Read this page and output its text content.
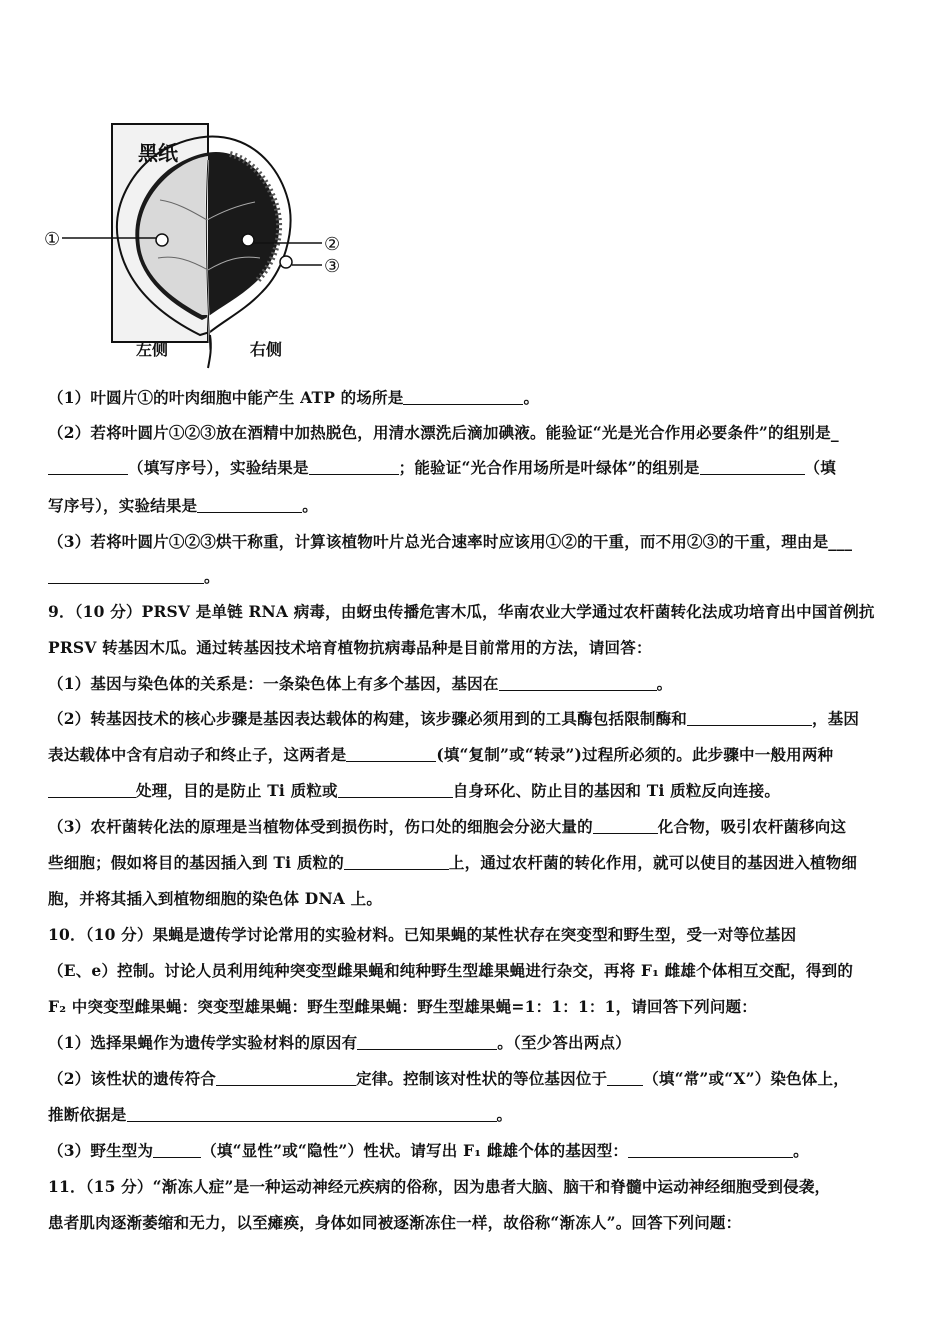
黑纸
①	②
③
左侧	右侧
（1）叶圆片①的叶肉细胞中能产生 ATP 的场所是	。
（2）若将叶圆片①②③放在酒精中加热脱色，用清水漂洗后滴加碘液。能验证“光是光合作用必要条件”的组别是_
（填写序号），实验结果是	；能验证“光合作用场所是叶绿体”的组别是	（填
写序号），实验结果是	。
（3）若将叶圆片①②③烘干称重，计算该植物叶片总光合速率时应该用①②的干重，而不用②③的干重，理由是___
。
9．（10 分）PRSV 是单链 RNA 病毒，由蚜虫传播危害木瓜，华南农业大学通过农杆菌转化法成功培育出中国首例抗
PRSV 转基因木瓜。通过转基因技术培育植物抗病毒品种是目前常用的方法，请回答：
（1）基因与染色体的关系是：一条染色体上有多个基因，基因在	。
（2）转基因技术的核心步骤是基因表达载体的构建，该步骤必须用到的工具酶包括限制酶和	，基因
表达载体中含有启动子和终止子，这两者是	(填“复制”或“转录”)过程所必须的。此步骤中一般用两种
处理，目的是防止 Ti 质粒或	自身环化、防止目的基因和 Ti 质粒反向连接。
（3）农杆菌转化法的原理是当植物体受到损伤时，伤口处的细胞会分泌大量的	化合物，吸引农杆菌移向这
些细胞；假如将目的基因插入到 Ti 质粒的	上，通过农杆菌的转化作用，就可以使目的基因进入植物细
胞，并将其插入到植物细胞的染色体 DNA 上。
10．（10 分）果蝇是遗传学讨论常用的实验材料。已知果蝇的某性状存在突变型和野生型，受一对等位基因
（E、e）控制。讨论人员利用纯种突变型雌果蝇和纯种野生型雄果蝇进行杂交，再将 F₁ 雌雄个体相互交配，得到的
F₂ 中突变型雌果蝇：突变型雄果蝇：野生型雌果蝇：野生型雄果蝇=1：1：1：1，请回答下列问题：
（1）选择果蝇作为遗传学实验材料的原因有	。（至少答出两点）
（2）该性状的遗传符合	定律。控制该对性状的等位基因位于 （填“常”或“X”）染色体上，
推断依据是	。
（3）野生型为	（填“显性”或“隐性”）性状。请写出 F₁ 雌雄个体的基因型：	。
11．（15 分）“渐冻人症”是一种运动神经元疾病的俗称，因为患者大脑、脑干和脊髓中运动神经细胞受到侵袭，
患者肌肉逐渐萎缩和无力，以至瘫痪，身体如同被逐渐冻住一样，故俗称“渐冻人”。回答下列问题：
